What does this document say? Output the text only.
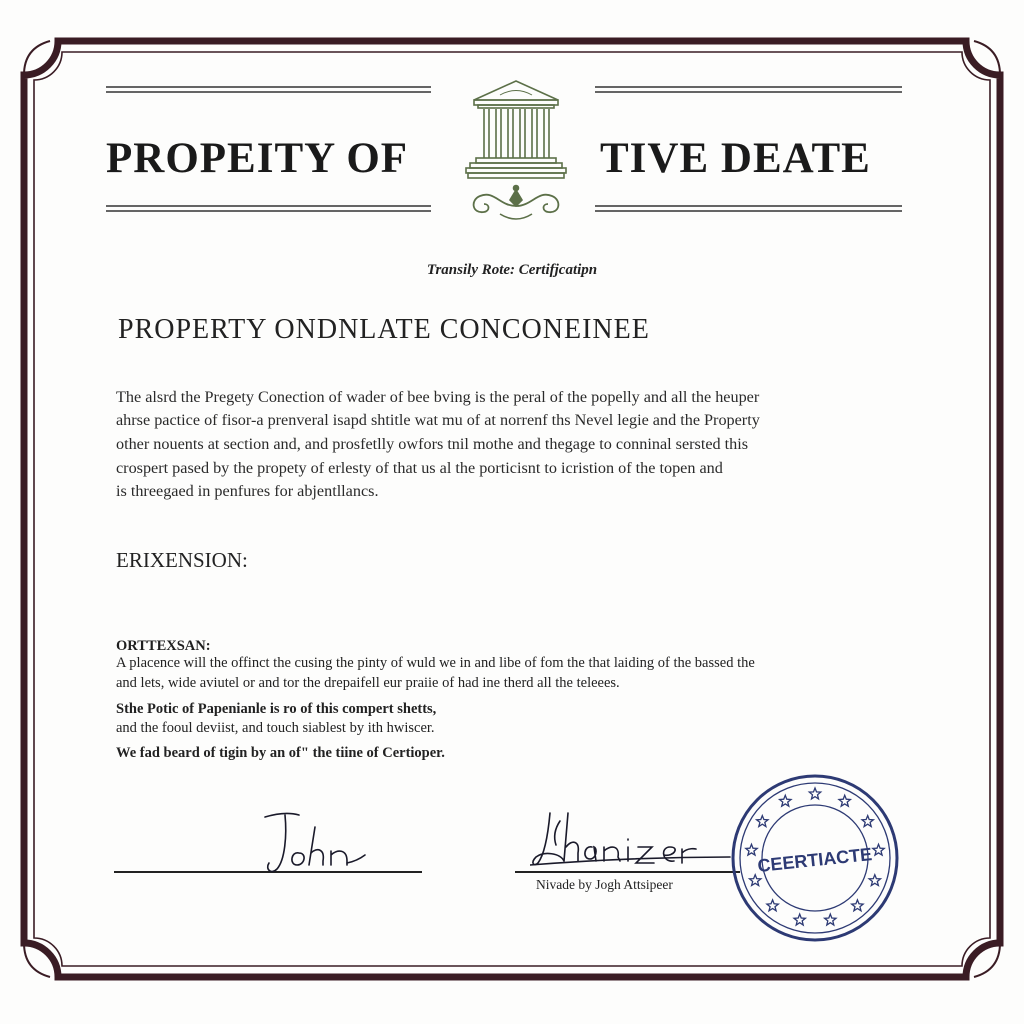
PROPEITY OF	TIVE DEATE
Transily Rote: Certifjcatipn
PROPERTY ONDNLATE CONCONEINEE
The alsrd the Pregety Conection of wader of bee bving is the peral of the popelly and all the heuper
ahrse pactice of fisor-a prenveral isapd shtitle wat mu of at norrenf ths Nevel legie and the Property
other nouents at section and, and prosfetlly owfors tnil mothe and thegage to conninal sersted this
crospert pased by the propety of erlesty of that us al the porticisnt to icristion of the topen and
is threegaed in penfures for abjentllancs.
ERIXENSION:
ORTTEXSAN:
A placence will the offinct the cusing the pinty of wuld we in and libe of fom the that laiding of the bassed the
and lets, wide aviutel or and tor the drepaifell eur praiie of had ine therd all the teleees.
Sthe Potic of Papenianle is ro of this compert shetts,
and the fooul deviist, and touch siablest by ith hwiscer.
We fad beard of tigin by an of" the tiine of Certioper.
Nivade by Jogh Attsipeer
CEERTIACTE
